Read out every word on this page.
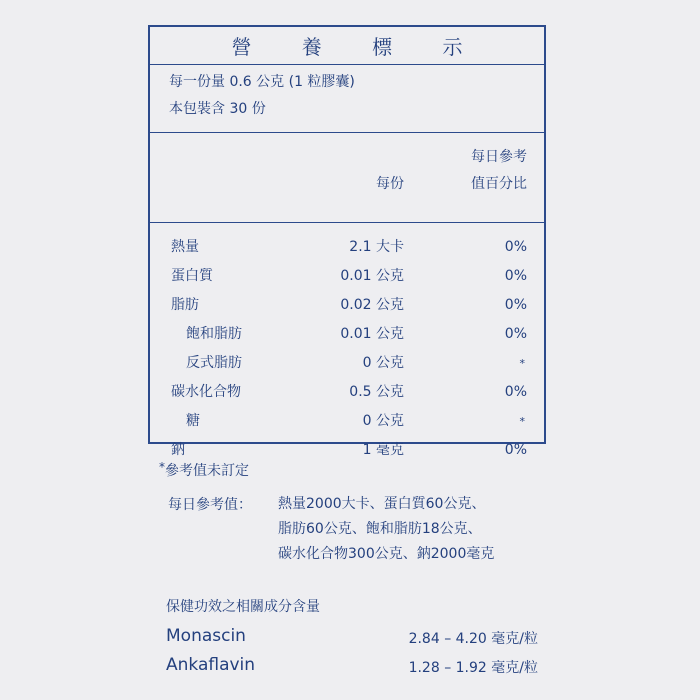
營 養 標 示
每一份量 0.6 公克 (1 粒膠囊)
本包裝含 30 份
每份
每日參考
值百分比
熱量	2.1 大卡	0%
蛋白質	0.01 公克	0%
脂肪	0.02 公克	0%
飽和脂肪	0.01 公克	0%
反式脂肪	0 公克	*
碳水化合物	0.5 公克	0%
糖	0 公克	*
鈉	1 毫克	0%
*參考值未訂定
每日參考值： 熱量2000大卡、蛋白質60公克、
脂肪60公克、飽和脂肪18公克、
碳水化合物300公克、鈉2000毫克
保健功效之相關成分含量
Monascin	2.84 – 4.20 毫克/粒
Ankaflavin	1.28 – 1.92 毫克/粒
